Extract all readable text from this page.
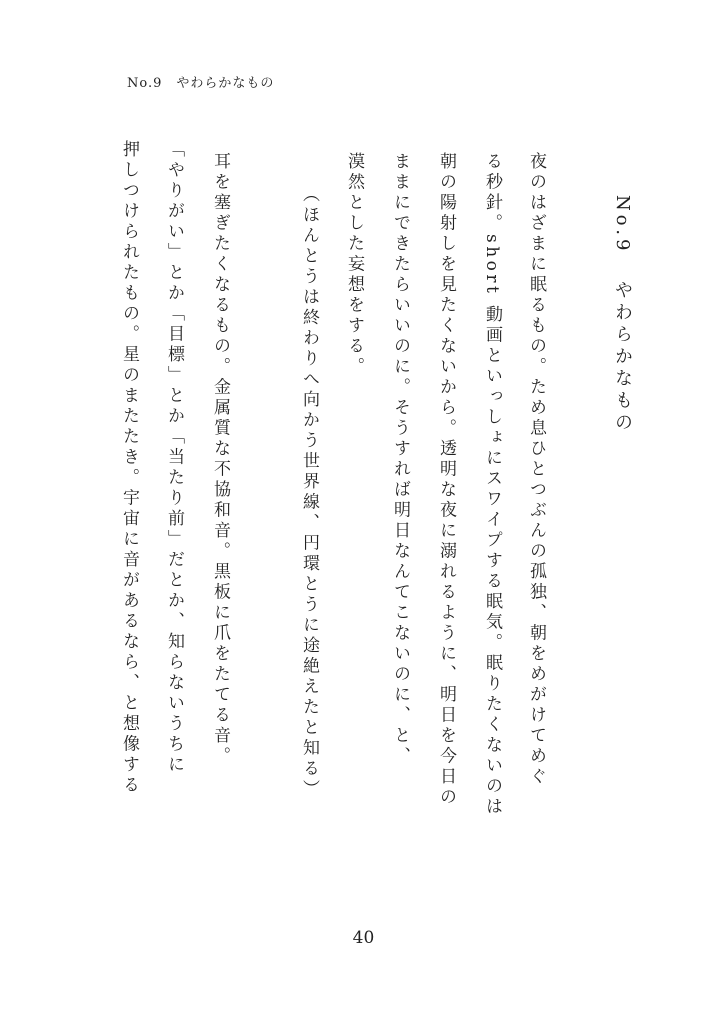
No.9 やわらかなもの
No.9やわらかなもの
夜のはざまに眠るもの。ため息ひとつぶんの孤独、朝をめがけてめぐ
る秒針。short 動画といっしょにスワイプする眠気。眠りたくないのは
朝の陽射しを見たくないから。透明な夜に溺れるように、明日を今日の
ままにできたらいいのに。そうすれば明日なんてこないのに、と、
漠然とした妄想をする。
（ほんとうは終わりへ向かう世界線、円環とうに途絶えたと知る）
耳を塞ぎたくなるもの。金属質な不協和音。黒板に爪をたてる音。
「やりがい」とか「目標」とか「当たり前」だとか、知らないうちに
押しつけられたもの。星のまたたき。宇宙に音があるなら、と想像する
40
